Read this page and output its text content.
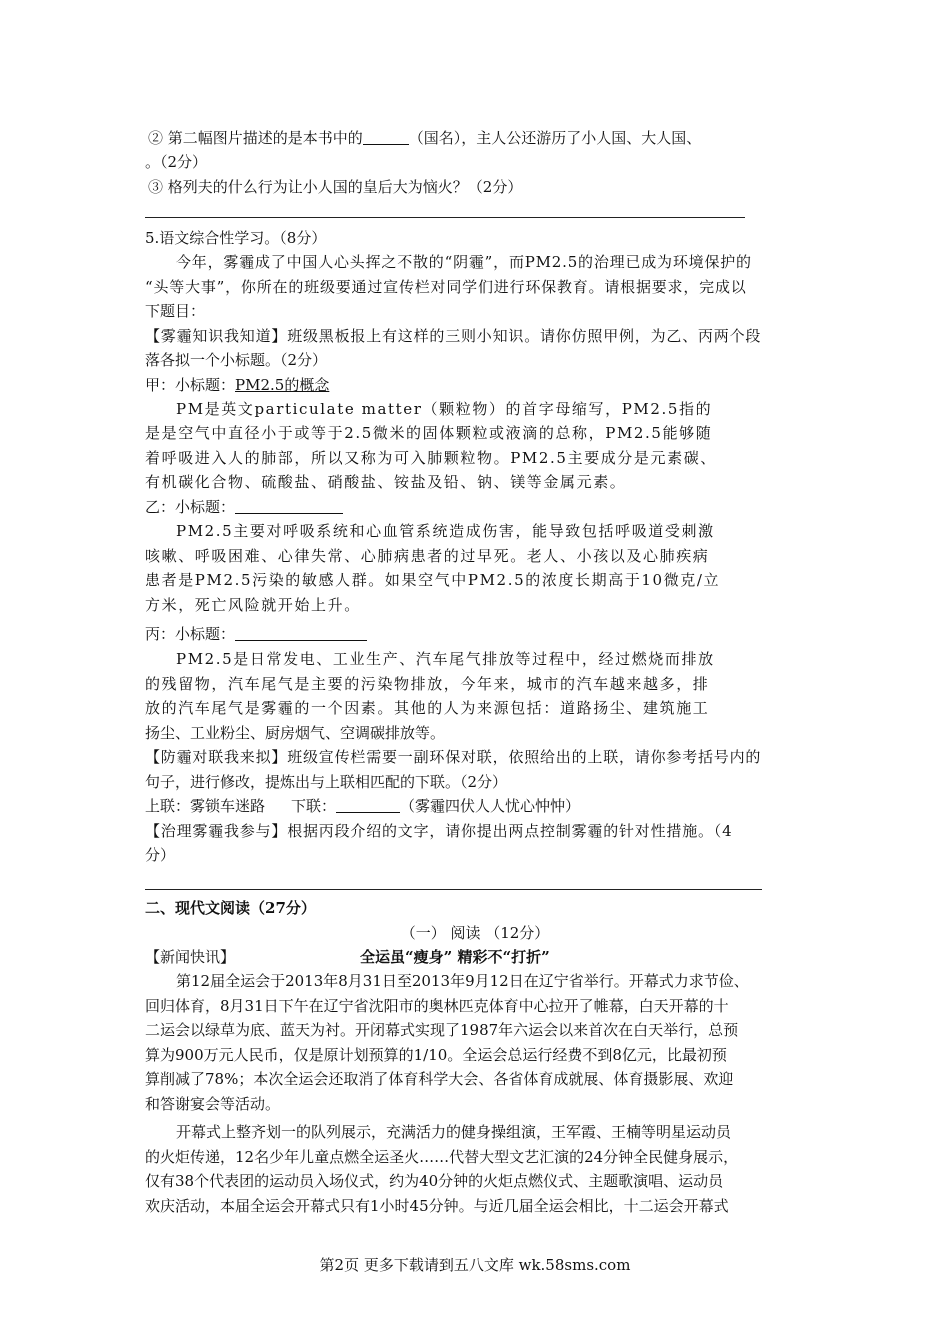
② 第二幅图片描述的是本书中的	（国名），主人公还游历了小人国、大人国、
。（2分）
③ 格列夫的什么行为让小人国的皇后大为恼火？（2分）
5.语文综合性学习。（8分）
今年，雾霾成了中国人心头挥之不散的“阴霾”，而PM2.5的治理已成为环境保护的
“头等大事”，你所在的班级要通过宣传栏对同学们进行环保教育。请根据要求，完成以
下题目：
【雾霾知识我知道】班级黑板报上有这样的三则小知识。请你仿照甲例，为乙、丙两个段
落各拟一个小标题。（2分）
甲：小标题：PM2.5的概念
PM是英文particulate matter（颗粒物）的首字母缩写，PM2.5指的
是是空气中直径小于或等于2.5微米的固体颗粒或液滴的总称，PM2.5能够随
着呼吸进入人的肺部，所以又称为可入肺颗粒物。PM2.5主要成分是元素碳、
有机碳化合物、硫酸盐、硝酸盐、铵盐及铅、钠、镁等金属元素。
乙：小标题：
PM2.5主要对呼吸系统和心血管系统造成伤害，能导致包括呼吸道受刺激
咳嗽、呼吸困难、心律失常、心肺病患者的过早死。老人、小孩以及心肺疾病
患者是PM2.5污染的敏感人群。如果空气中PM2.5的浓度长期高于10微克/立
方米，死亡风险就开始上升。
丙：小标题：
PM2.5是日常发电、工业生产、汽车尾气排放等过程中，经过燃烧而排放
的残留物，汽车尾气是主要的污染物排放，今年来，城市的汽车越来越多，排
放的汽车尾气是雾霾的一个因素。其他的人为来源包括：道路扬尘、建筑施工
扬尘、工业粉尘、厨房烟气、空调碳排放等。
【防霾对联我来拟】班级宣传栏需要一副环保对联，依照给出的上联，请你参考括号内的
句子，进行修改，提炼出与上联相匹配的下联。（2分）
上联：雾锁车迷路 下联：	（雾霾四伏人人忧心忡忡）
【治理雾霾我参与】根据丙段介绍的文字，请你提出两点控制雾霾的针对性措施。（4
分）
二、现代文阅读（27分）
（一） 阅读 （12分）
【新闻快讯】	全运虽“瘦身” 精彩不“打折”
第12届全运会于2013年8月31日至2013年9月12日在辽宁省举行。开幕式力求节俭、
回归体育，8月31日下午在辽宁省沈阳市的奥林匹克体育中心拉开了帷幕，白天开幕的十
二运会以绿草为底、蓝天为衬。开闭幕式实现了1987年六运会以来首次在白天举行，总预
算为900万元人民币，仅是原计划预算的1/10。全运会总运行经费不到8亿元，比最初预
算削减了78%；本次全运会还取消了体育科学大会、各省体育成就展、体育摄影展、欢迎
和答谢宴会等活动。
开幕式上整齐划一的队列展示，充满活力的健身操组演，王军霞、王楠等明星运动员
的火炬传递，12名少年儿童点燃全运圣火……代替大型文艺汇演的24分钟全民健身展示，
仅有38个代表团的运动员入场仪式，约为40分钟的火炬点燃仪式、主题歌演唱、运动员
欢庆活动，本届全运会开幕式只有1小时45分钟。与近几届全运会相比，十二运会开幕式
第2页 更多下载请到五八文库 wk.58sms.com
